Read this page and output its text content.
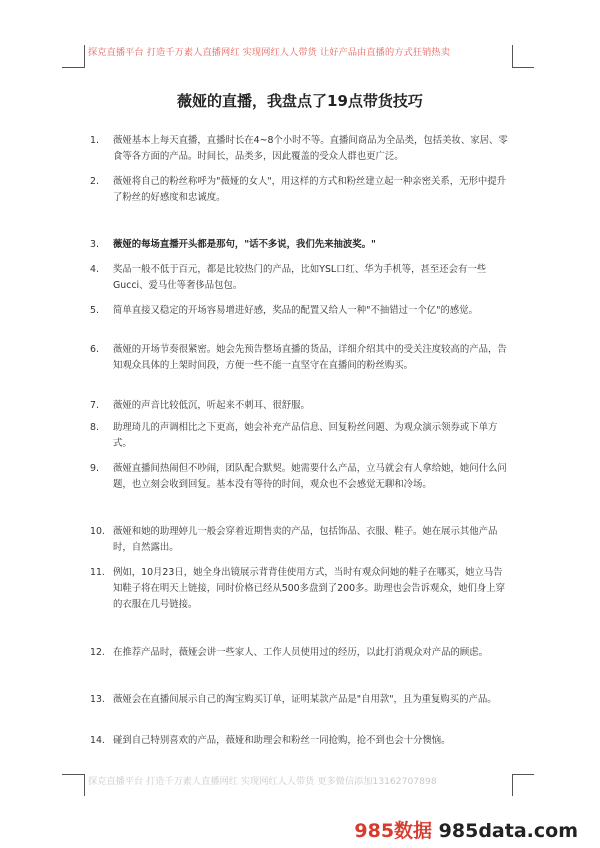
探克直播平台 打造千万素人直播网红 实现网红人人带货 让好产品由直播的方式狂销热卖
薇娅的直播，我盘点了19点带货技巧
1.	薇娅基本上每天直播，直播时长在4~8个小时不等。直播间商品为全品类，包括美妆、家居、零食等各方面的产品。时间长，品类多，因此覆盖的受众人群也更广泛。
2.	薇娅将自己的粉丝称呼为"薇娅的女人"，用这样的方式和粉丝建立起一种亲密关系，无形中提升了粉丝的好感度和忠诚度。
3.	薇娅的每场直播开头都是那句，"话不多说，我们先来抽波奖。"
4.	奖品一般不低于百元，都是比较热门的产品，比如YSL口红、华为手机等，甚至还会有一些Gucci、爱马仕等奢侈品包包。
5.	简单直接又稳定的开场容易增进好感，奖品的配置又给人一种"不抽错过一个亿"的感觉。
6.	薇娅的开场节奏很紧密。她会先预告整场直播的货品，详细介绍其中的受关注度较高的产品，告知观众具体的上架时间段，方便一些不能一直坚守在直播间的粉丝购买。
7.	薇娅的声音比较低沉，听起来不刺耳、很舒服。
8.	助理琦儿的声调相比之下更高，她会补充产品信息、回复粉丝问题、为观众演示领券或下单方式。
9.	薇娅直播间热闹但不吵闹，团队配合默契。她需要什么产品，立马就会有人拿给她，她问什么问题，也立刻会收到回复。基本没有等待的时间，观众也不会感觉无聊和冷场。
10. 薇娅和她的助理婷儿一般会穿着近期售卖的产品，包括饰品、衣服、鞋子。她在展示其他产品时，自然露出。
11. 例如，10月23日，她全身出镜展示背背佳使用方式，当时有观众问她的鞋子在哪买，她立马告知鞋子将在明天上链接，同时价格已经从500多盘到了200多。助理也会告诉观众，她们身上穿的衣服在几号链接。
12. 在推荐产品时，薇娅会讲一些家人、工作人员使用过的经历，以此打消观众对产品的顾虑。
13. 薇娅会在直播间展示自己的淘宝购买订单，证明某款产品是"自用款"，且为重复购买的产品。
14. 碰到自己特别喜欢的产品，薇娅和助理会和粉丝一同抢购，抢不到也会十分懊恼。
探克直播平台 打造千万素人直播网红 实现网红人人带货 更多微信添加13162707898
985数据 985data.com
